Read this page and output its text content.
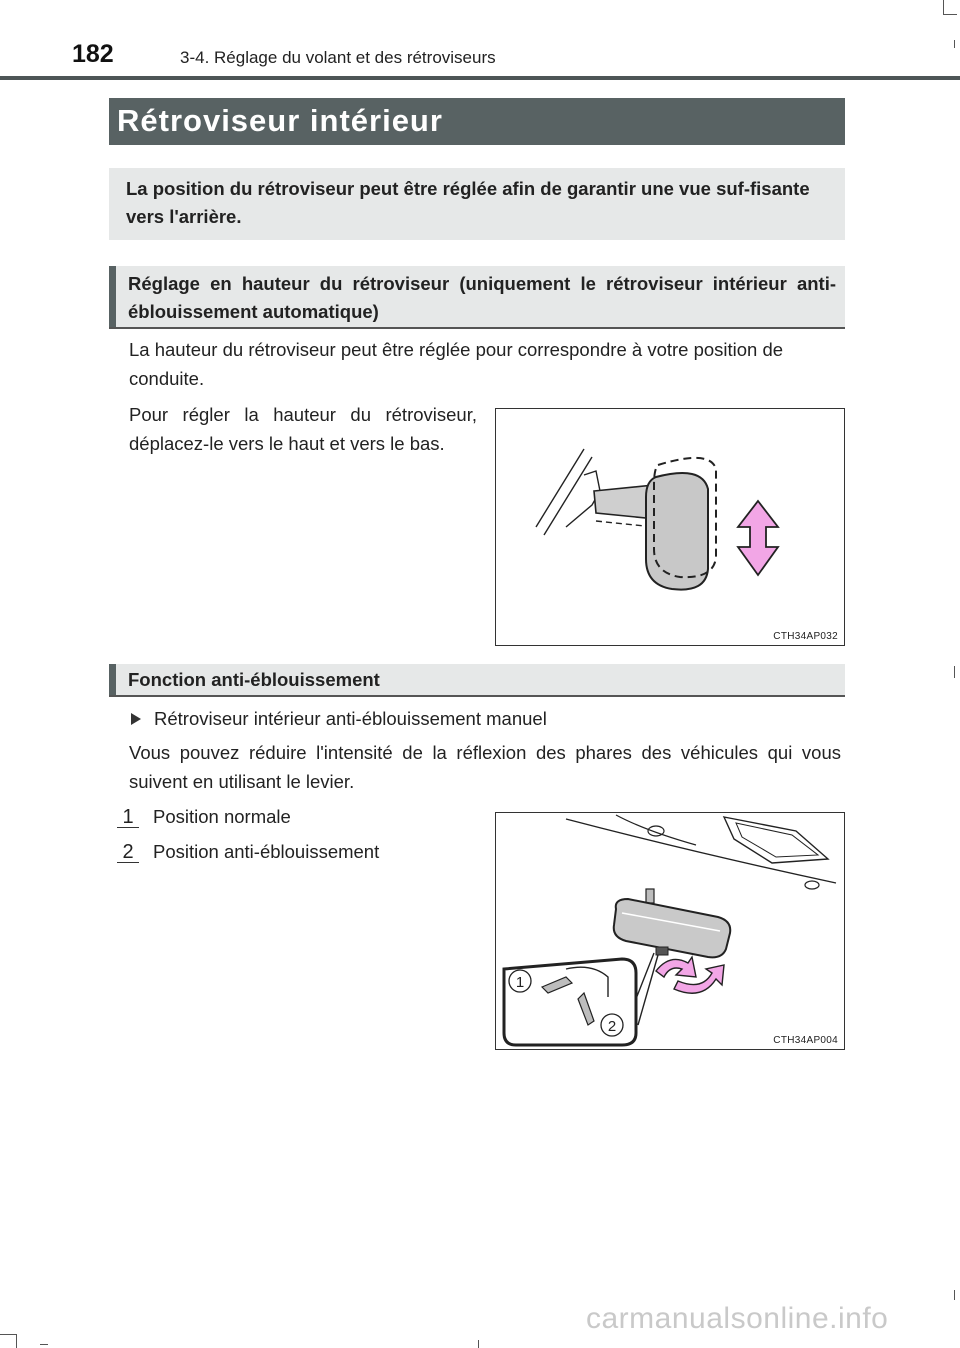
182	3-4. Réglage du volant et des rétroviseurs
Rétroviseur intérieur
La position du rétroviseur peut être réglée afin de garantir une vue suf-fisante vers l'arrière.
Réglage en hauteur du rétroviseur (uniquement le rétroviseur intérieur anti-éblouissement automatique)
La hauteur du rétroviseur peut être réglée pour correspondre à votre position de conduite.
Pour régler la hauteur du rétroviseur, déplacez-le vers le haut et vers le bas.
CTH34AP032
Fonction anti-éblouissement
Rétroviseur intérieur anti-éblouissement manuel
Vous pouvez réduire l'intensité de la réflexion des phares des véhicules qui vous suivent en utilisant le levier.
1 Position normale
2 Position anti-éblouissement
1
2
CTH34AP004
carmanualsonline.info
